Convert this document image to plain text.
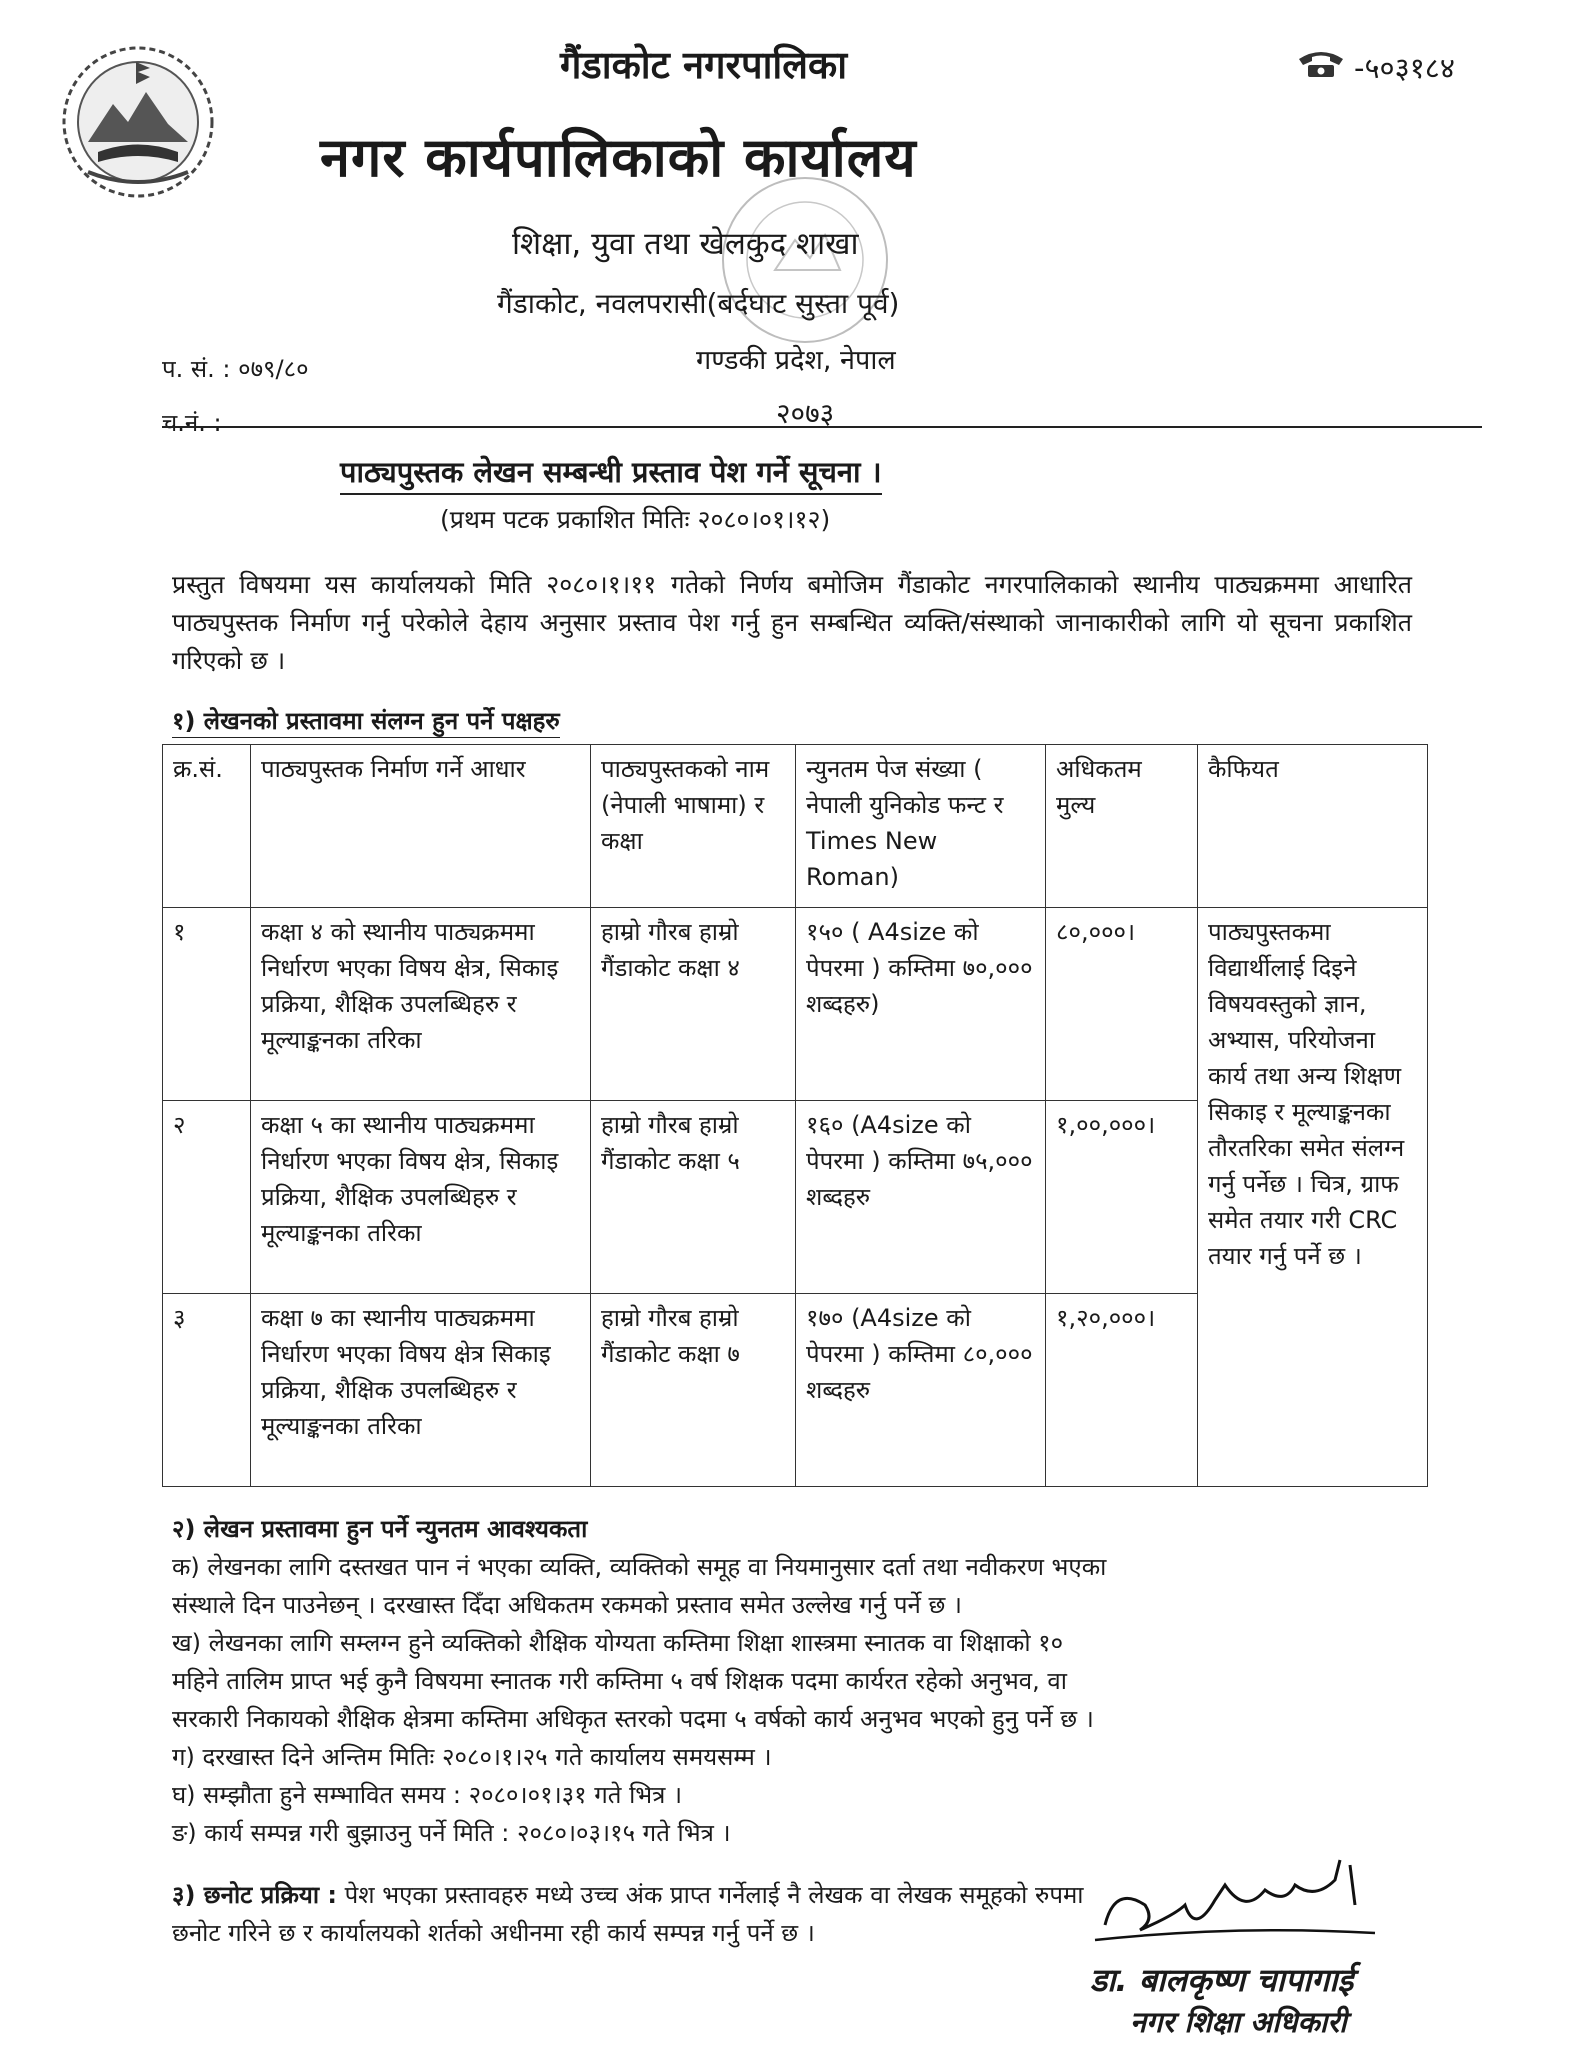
गैंडाकोट नगरपालिका
नगर कार्यपालिकाको कार्यालय
शिक्षा, युवा तथा खेलकुद शाखा
गैंडाकोट, नवलपरासी(बर्दघाट सुस्ता पूर्व)
गण्डकी प्रदेश, नेपाल
२०७३
-५०३१८४
प. सं. : ०७९/८०
च.नं. :
पाठ्यपुस्तक लेखन सम्बन्धी प्रस्ताव पेश गर्ने सूचना ।
(प्रथम पटक प्रकाशित मितिः २०८०।०१।१२)
प्रस्तुत विषयमा यस कार्यालयको मिति २०८०।१।११ गतेको निर्णय बमोजिम गैंडाकोट नगरपालिकाको स्थानीय पाठ्यक्रममा आधारित पाठ्यपुस्तक निर्माण गर्नु परेकोले देहाय अनुसार प्रस्ताव पेश गर्नु हुन सम्बन्धित व्यक्ति/संस्थाको जानाकारीको लागि यो सूचना प्रकाशित गरिएको छ ।
१) लेखनको प्रस्तावमा संलग्न हुन पर्ने पक्षहरु
क्र.सं.	पाठ्यपुस्तक निर्माण गर्ने आधार	पाठ्यपुस्तकको नाम (नेपाली भाषामा) र कक्षा	न्युनतम पेज संख्या ( नेपाली युनिकोड फन्ट र Times New Roman)	अधिकतम मुल्य	कैफियत
१	कक्षा ४ को स्थानीय पाठ्यक्रममा निर्धारण भएका विषय क्षेत्र, सिकाइ प्रक्रिया, शैक्षिक उपलब्धिहरु र मूल्याङ्कनका तरिका	हाम्रो गौरब हाम्रो गैंडाकोट कक्षा ४	१५० ( A4size को पेपरमा ) कम्तिमा ७०,००० शब्दहरु)	८०,०००।	पाठ्यपुस्तकमा विद्यार्थीलाई दिइने विषयवस्तुको ज्ञान, अभ्यास, परियोजना कार्य तथा अन्य शिक्षण सिकाइ र मूल्याङ्कनका तौरतरिका समेत संलग्न गर्नु पर्नेछ । चित्र, ग्राफ समेत तयार गरी CRC तयार गर्नु पर्ने छ ।
२	कक्षा ५ का स्थानीय पाठ्यक्रममा निर्धारण भएका विषय क्षेत्र, सिकाइ प्रक्रिया, शैक्षिक उपलब्धिहरु र मूल्याङ्कनका तरिका	हाम्रो गौरब हाम्रो गैंडाकोट कक्षा ५	१६० (A4size को पेपरमा ) कम्तिमा ७५,००० शब्दहरु	१,००,०००।	
३	कक्षा ७ का स्थानीय पाठ्यक्रममा निर्धारण भएका विषय क्षेत्र सिकाइ प्रक्रिया, शैक्षिक उपलब्धिहरु र मूल्याङ्कनका तरिका	हाम्रो गौरब हाम्रो गैंडाकोट कक्षा ७	१७० (A4size को पेपरमा ) कम्तिमा ८०,००० शब्दहरु	१,२०,०००।	
२) लेखन प्रस्तावमा हुन पर्ने न्युनतम आवश्यकता
क) लेखनका लागि दस्तखत पान नं भएका व्यक्ति, व्यक्तिको समूह वा नियमानुसार दर्ता तथा नवीकरण भएका
संस्थाले दिन पाउनेछन् । दरखास्त दिँदा अधिकतम रकमको प्रस्ताव समेत उल्लेख गर्नु पर्ने छ ।
ख) लेखनका लागि सम्लग्न हुने व्यक्तिको शैक्षिक योग्यता कम्तिमा शिक्षा शास्त्रमा स्नातक वा शिक्षाको १०
महिने तालिम प्राप्त भई कुनै विषयमा स्नातक गरी कम्तिमा ५ वर्ष शिक्षक पदमा कार्यरत रहेको अनुभव, वा
सरकारी निकायको शैक्षिक क्षेत्रमा कम्तिमा अधिकृत स्तरको पदमा ५ वर्षको कार्य अनुभव भएको हुनु पर्ने छ ।
ग) दरखास्त दिने अन्तिम मितिः २०८०।१।२५ गते कार्यालय समयसम्म ।
घ) सम्झौता हुने सम्भावित समय : २०८०।०१।३१ गते भित्र ।
ङ) कार्य सम्पन्न गरी बुझाउनु पर्ने मिति : २०८०।०३।१५ गते भित्र ।
३) छनोट प्रक्रिया : पेश भएका प्रस्तावहरु मध्ये उच्च अंक प्राप्त गर्नेलाई नै लेखक वा लेखक समूहको रुपमा
छनोट गरिने छ र कार्यालयको शर्तको अधीनमा रही कार्य सम्पन्न गर्नु पर्ने छ ।
डा. बालकृष्ण चापागाई
नगर शिक्षा अधिकारी
